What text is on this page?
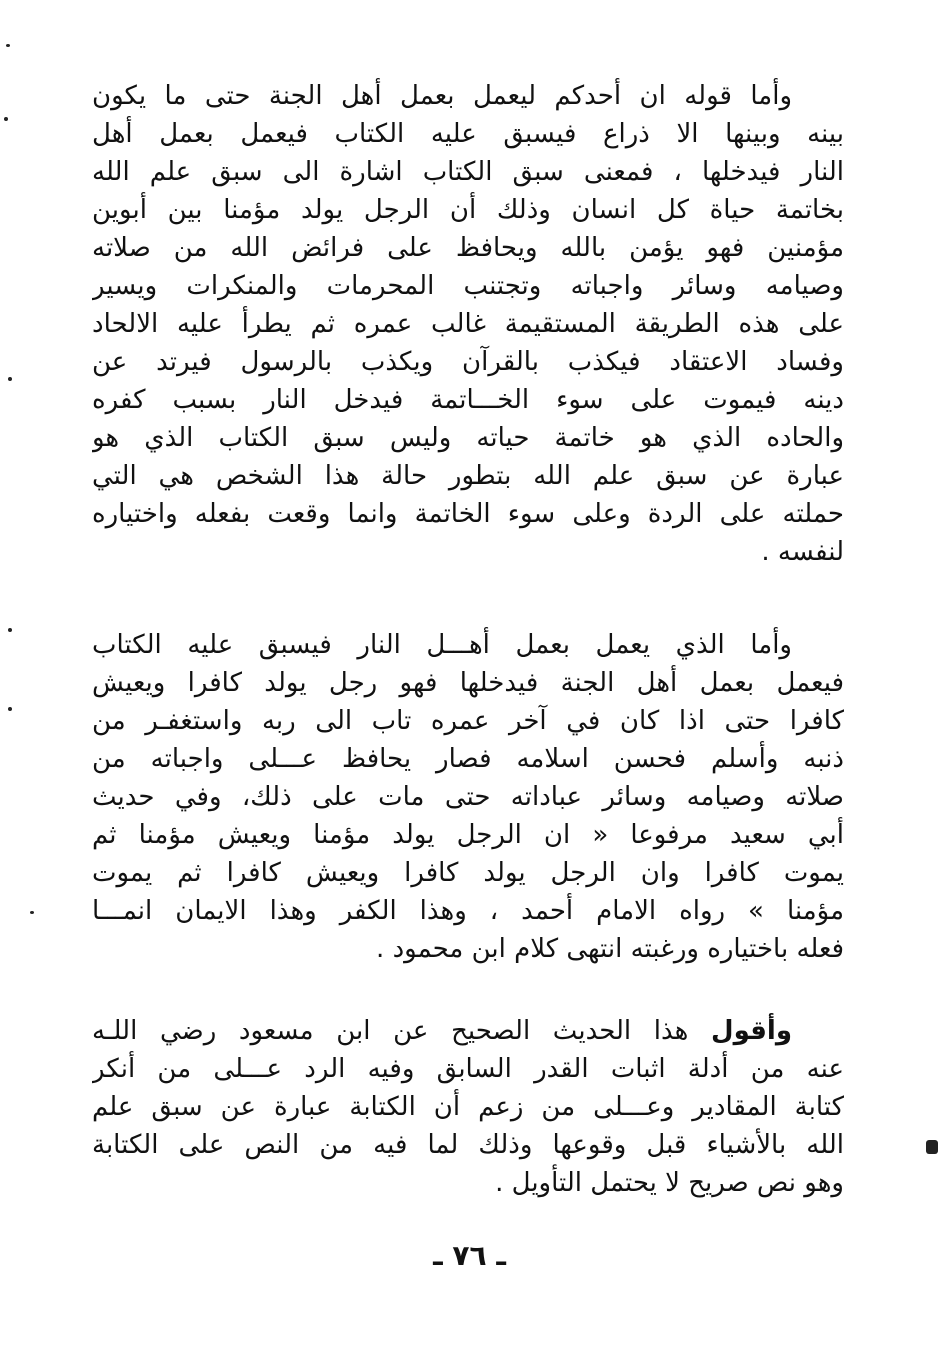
وأما قوله ان أحدكم ليعمل بعمل أهل الجنة حتى ما يكون
بينه وبينها الا ذراع فيسبق عليه الكتاب فيعمل بعمل أهل
النار فيدخلها ، فمعنى سبق الكتاب اشارة الى سبق علم الله
بخاتمة حياة كل انسان وذلك أن الرجل يولد مؤمنا بين أبوين
مؤمنين فهو يؤمن بالله ويحافظ على فرائض الله من صلاته
وصيامه وسائر واجباته وتجتنب المحرمات والمنكرات ويسير
على هذه الطريقة المستقيمة غالب عمره ثم يطرأ عليه الالحاد
وفساد الاعتقاد فيكذب بالقرآن ويكذب بالرسول فيرتد عن
دينه فيموت على سوء الخـــاتمة فيدخل النار بسبب كفره
والحاده الذي هو خاتمة حياته وليس سبق الكتاب الذي هو
عبارة عن سبق علم الله بتطور حالة هذا الشخص هي التي
حملته على الردة وعلى سوء الخاتمة وانما وقعت بفعله واختياره
لنفسه .
وأما الذي يعمل بعمل أهـــل النار فيسبق عليه الكتاب
فيعمل بعمل أهل الجنة فيدخلها فهو رجل يولد كافرا ويعيش
كافرا حتى اذا كان في آخر عمره تاب الى ربه واستغفـر من
ذنبه وأسلم فحسن اسلامه فصار يحافظ عـــلى واجباته من
صلاته وصيامه وسائر عباداته حتى مات على ذلك، وفي حديث
أبي سعيد مرفوعا « ان الرجل يولد مؤمنا ويعيش مؤمنا ثم
يموت كافرا وان الرجل يولد كافرا ويعيش كافرا ثم يموت
مؤمنا » رواه الامام أحمد ، وهذا الكفر وهذا الايمان انمـــا
فعله باختياره ورغبته انتهى كلام ابن محمود .
وأقول هذا الحديث الصحيح عن ابن مسعود رضي اللـه
عنه من أدلة اثبات القدر السابق وفيه الرد عـــلى من أنكر
كتابة المقادير وعـــلى من زعم أن الكتابة عبارة عن سبق علم
الله بالأشياء قبل وقوعها وذلك لما فيه من النص على الكتابة
وهو نص صريح لا يحتمل التأويل .
ـ ٧٦ ـ
